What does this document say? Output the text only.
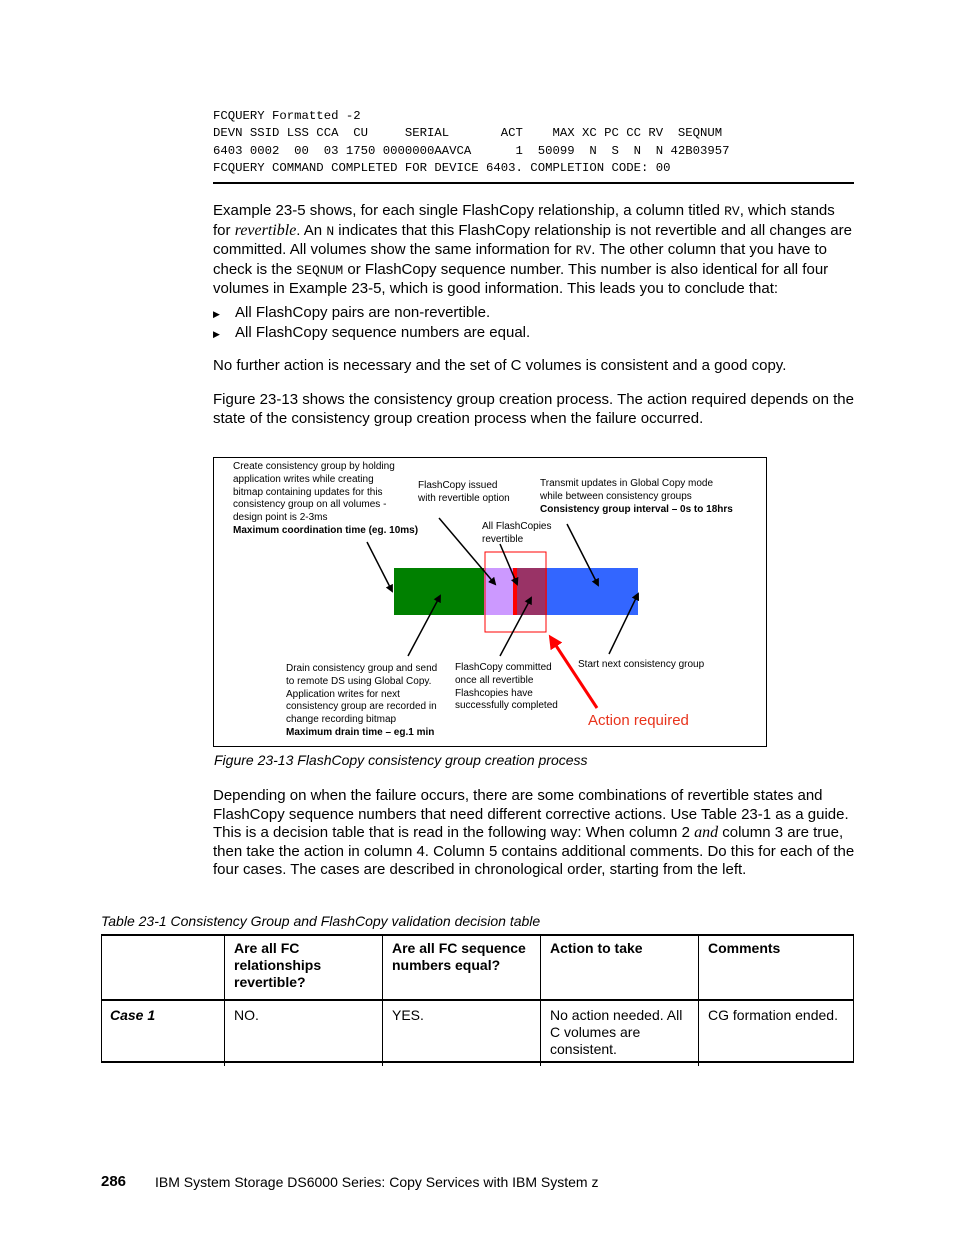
FCQUERY Formatted -2
DEVN SSID LSS CCA  CU     SERIAL       ACT    MAX XC PC CC RV  SEQNUM
6403 0002  00  03 1750 0000000AAVCA      1  50099  N  S  N  N 42B03957
FCQUERY COMMAND COMPLETED FOR DEVICE 6403. COMPLETION CODE: 00
Example 23-5 shows, for each single FlashCopy relationship, a column titled RV, which stands for revertible. An N indicates that this FlashCopy relationship is not revertible and all changes are committed. All volumes show the same information for RV. The other column that you have to check is the SEQNUM or FlashCopy sequence number. This number is also identical for all four volumes in Example 23-5, which is good information. This leads you to conclude that:
▶	All FlashCopy pairs are non-revertible.
▶	All FlashCopy sequence numbers are equal.
No further action is necessary and the set of C volumes is consistent and a good copy.
Figure 23-13 shows the consistency group creation process. The action required depends on the state of the consistency group creation process when the failure occurred.
Create consistency group by holding
application writes while creating
bitmap containing updates for this
consistency group on all volumes -
design point is 2-3ms
Maximum coordination time (eg. 10ms)
FlashCopy issued
with revertible option
Transmit updates in Global Copy mode
while between consistency groups
Consistency group interval – 0s to 18hrs
All FlashCopies
revertible
Drain consistency group and send
to remote DS using Global Copy.
Application writes for next
consistency group are recorded in
change recording bitmap
Maximum drain time – eg.1 min
FlashCopy committed
once all revertible
Flashcopies have
successfully completed
Start next consistency group
Action required
Figure 23-13 FlashCopy consistency group creation process
Depending on when the failure occurs, there are some combinations of revertible states and FlashCopy sequence numbers that need different corrective actions. Use Table 23-1 as a guide. This is a decision table that is read in the following way: When column 2 and column 3 are true, then take the action in column 4. Column 5 contains additional comments. Do this for each of the four cases. The cases are described in chronological order, starting from the left.
Table 23-1 Consistency Group and FlashCopy validation decision table
	Are all FC relationships revertible?	Are all FC sequence numbers equal?	Action to take	Comments
Case 1	NO.	YES.	No action needed. All C volumes are consistent.	CG formation ended.
286 IBM System Storage DS6000 Series: Copy Services with IBM System z
